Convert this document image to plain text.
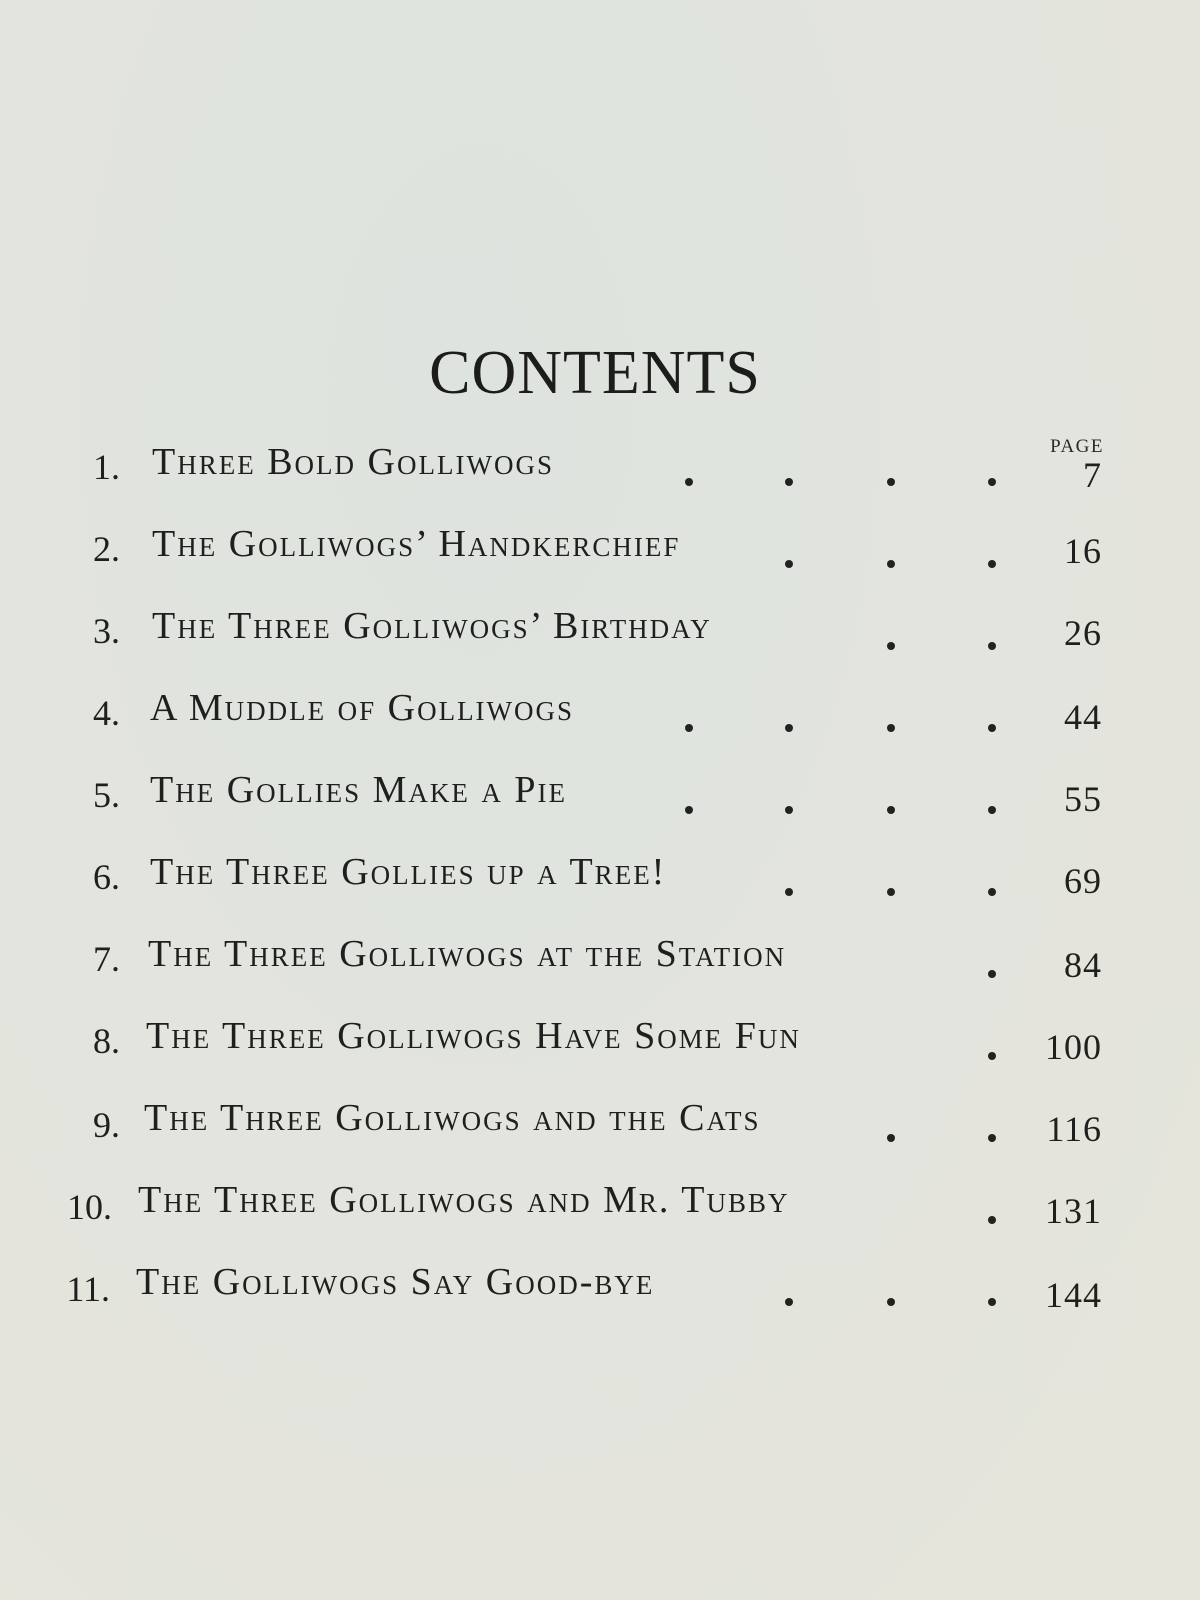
CONTENTS
PAGE
1. Three Bold Golliwogs	7
2. The Golliwogs’ Handkerchief	16
3. The Three Golliwogs’ Birthday	26
4. A Muddle of Golliwogs	44
5. The Gollies Make a Pie	55
6. The Three Gollies up a Tree!	69
7. The Three Golliwogs at the Station	84
8. The Three Golliwogs Have Some Fun	100
9. The Three Golliwogs and the Cats	116
10. The Three Golliwogs and Mr. Tubby	131
11. The Golliwogs Say Good-bye	144
